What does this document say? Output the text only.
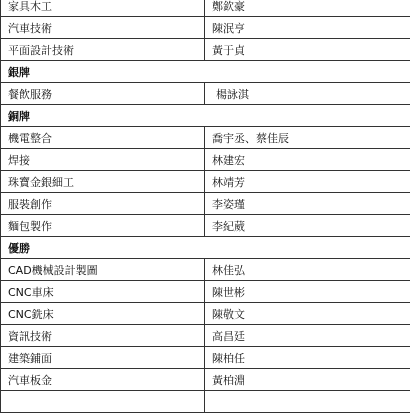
家具木工	鄭欽豪
汽車技術	陳泯亨
平面設計技術	黃于貞
銀牌	
餐飲服務	楊詠淇
銅牌	
機電整合	喬宇丞、蔡佳辰
焊接	林建宏
珠寶金銀細工	林靖芳
服裝創作	李姿瑾
麵包製作	李紀葳
優勝	
CAD機械設計製圖	林佳弘
CNC車床	陳世彬
CNC銑床	陳敬文
資訊技術	高昌廷
建築鋪面	陳柏任
汽車板金	黃柏淵
